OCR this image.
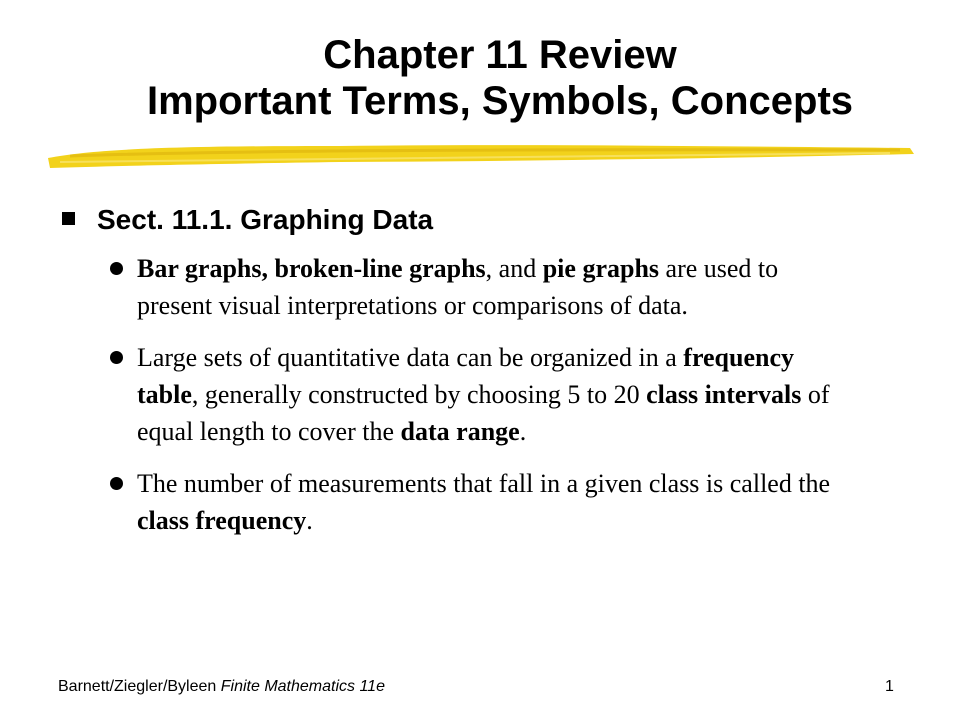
Chapter 11 Review
Important Terms, Symbols, Concepts
Sect. 11.1. Graphing Data
Bar graphs, broken-line graphs, and pie graphs are used to present visual interpretations or comparisons of data.
Large sets of quantitative data can be organized in a frequency table, generally constructed by choosing 5 to 20 class intervals of equal length to cover the data range.
The number of measurements that fall in a given class is called the class frequency.
Barnett/Ziegler/Byleen Finite Mathematics 11e	1
